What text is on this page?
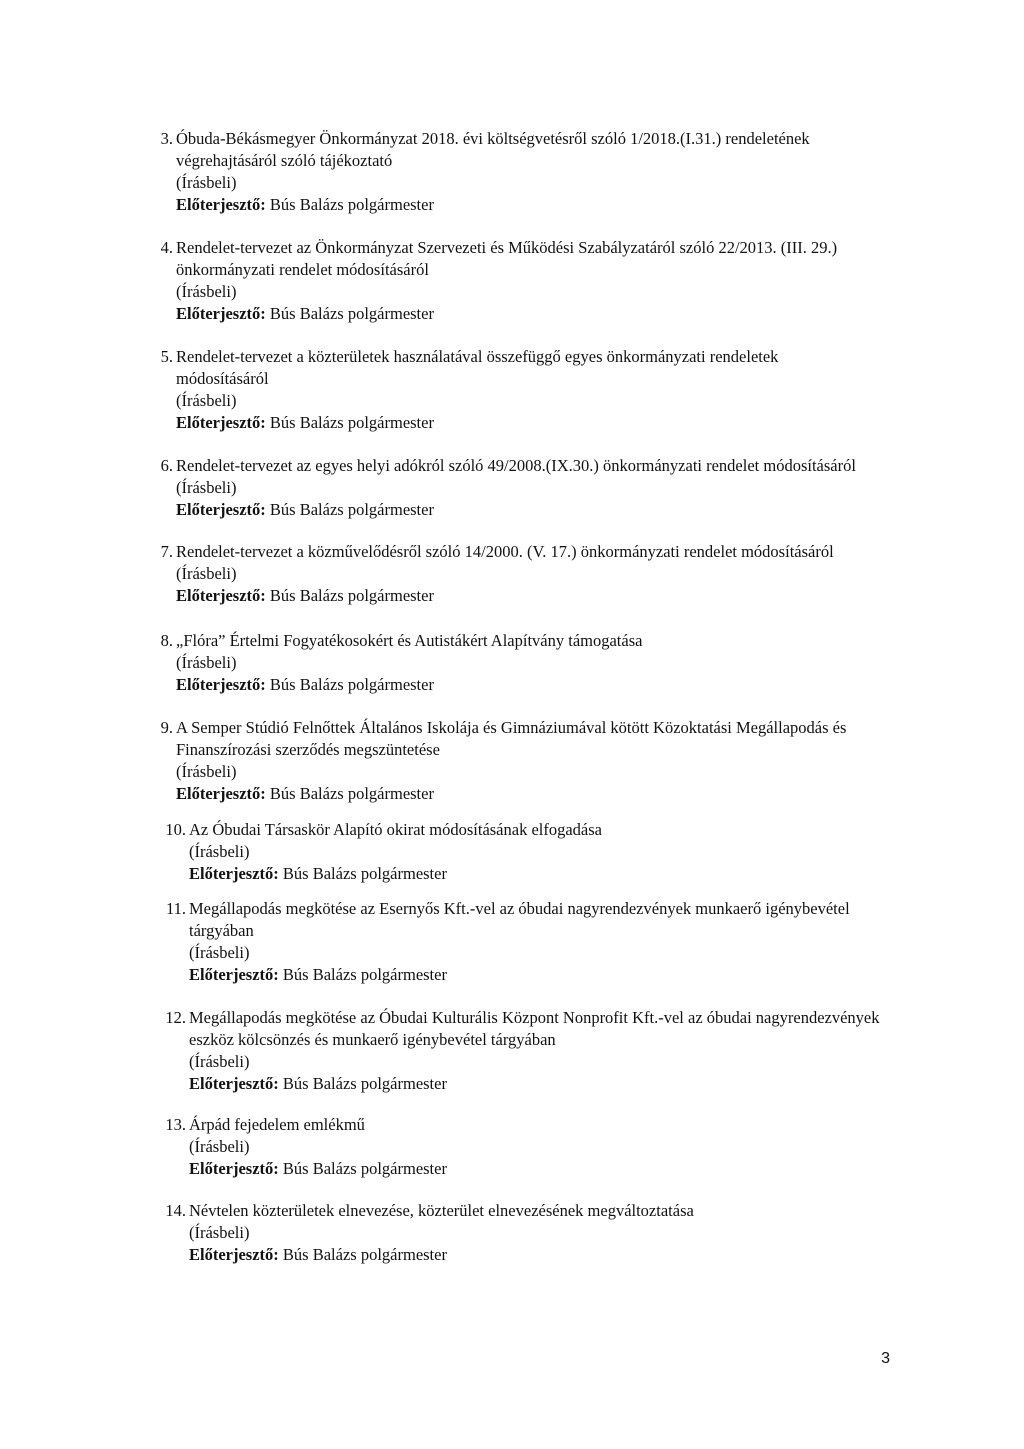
3. Óbuda-Békásmegyer Önkormányzat 2018. évi költségvetésről szóló 1/2018.(I.31.) rendeletének
végrehajtásáról szóló tájékoztató
(Írásbeli)
Előterjesztő: Bús Balázs polgármester
4. Rendelet-tervezet az Önkormányzat Szervezeti és Működési Szabályzatáról szóló 22/2013. (III. 29.)
önkormányzati rendelet módosításáról
(Írásbeli)
Előterjesztő: Bús Balázs polgármester
5. Rendelet-tervezet a közterületek használatával összefüggő egyes önkormányzati rendeletek
módosításáról
(Írásbeli)
Előterjesztő: Bús Balázs polgármester
6. Rendelet-tervezet az egyes helyi adókról szóló 49/2008.(IX.30.) önkormányzati rendelet módosításáról
(Írásbeli)
Előterjesztő: Bús Balázs polgármester
7. Rendelet-tervezet a közművelődésről szóló 14/2000. (V. 17.) önkormányzati rendelet módosításáról
(Írásbeli)
Előterjesztő: Bús Balázs polgármester
8. „Flóra” Értelmi Fogyatékosokért és Autistákért Alapítvány támogatása
(Írásbeli)
Előterjesztő: Bús Balázs polgármester
9. A Semper Stúdió Felnőttek Általános Iskolája és Gimnáziumával kötött Közoktatási Megállapodás és
Finanszírozási szerződés megszüntetése
(Írásbeli)
Előterjesztő: Bús Balázs polgármester
10. Az Óbudai Társaskör Alapító okirat módosításának elfogadása
(Írásbeli)
Előterjesztő: Bús Balázs polgármester
11. Megállapodás megkötése az Esernyős Kft.-vel az óbudai nagyrendezvények munkaerő igénybevétel
tárgyában
(Írásbeli)
Előterjesztő: Bús Balázs polgármester
12. Megállapodás megkötése az Óbudai Kulturális Központ Nonprofit Kft.-vel az óbudai nagyrendezvények
eszköz kölcsönzés és munkaerő igénybevétel tárgyában
(Írásbeli)
Előterjesztő: Bús Balázs polgármester
13. Árpád fejedelem emlékmű
(Írásbeli)
Előterjesztő: Bús Balázs polgármester
14. Névtelen közterületek elnevezése, közterület elnevezésének megváltoztatása
(Írásbeli)
Előterjesztő: Bús Balázs polgármester
3
